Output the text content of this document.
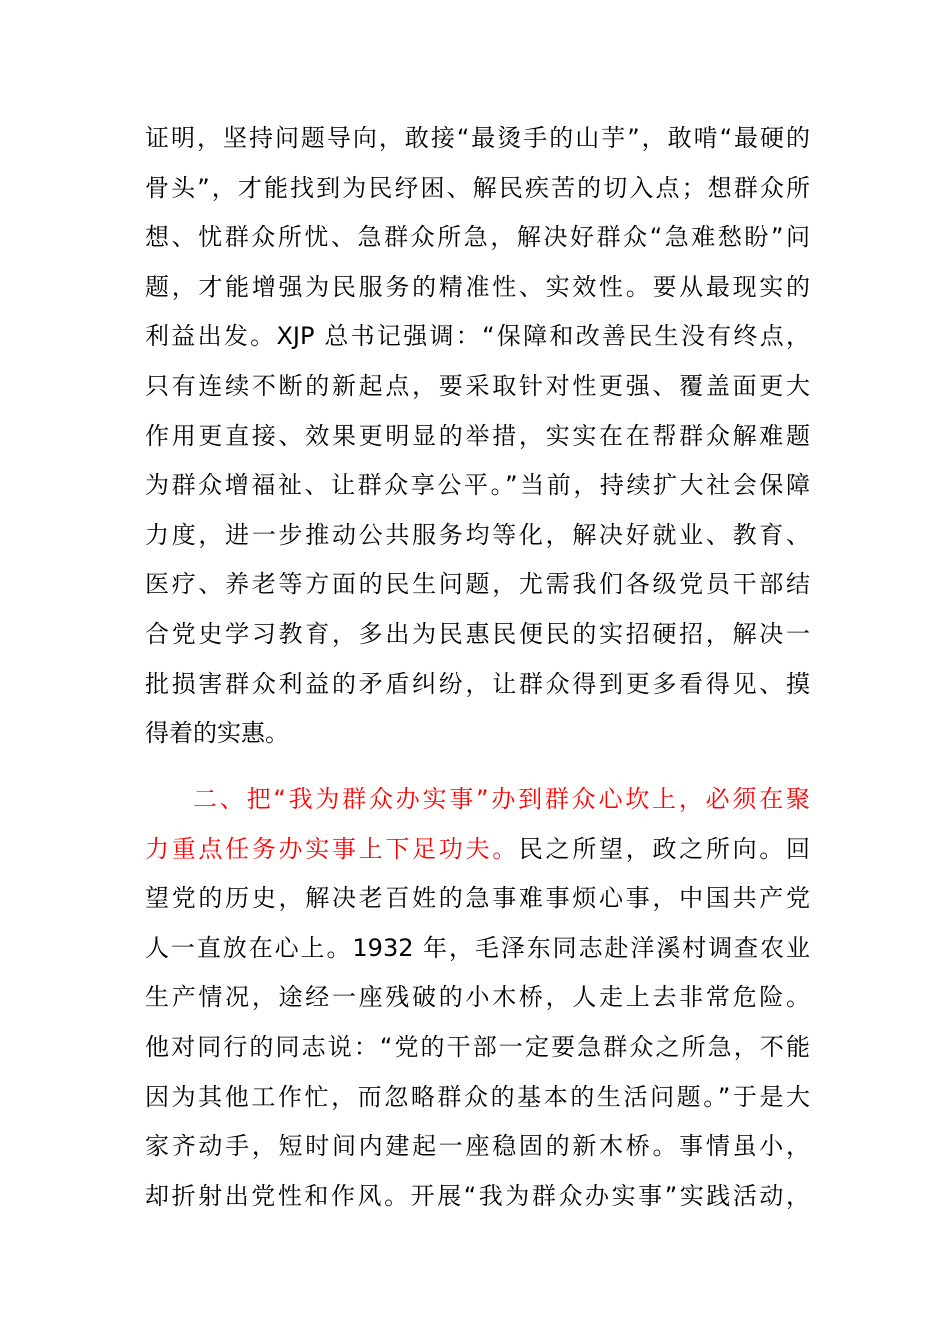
证明，坚持问题导向，敢接“最烫手的山芋”，敢啃“最硬的
骨头”，才能找到为民纾困、解民疾苦的切入点；想群众所
想、忧群众所忧、急群众所急，解决好群众“急难愁盼”问
题，才能增强为民服务的精准性、实效性。要从最现实的
利益出发。XJP 总书记强调：“保障和改善民生没有终点，
只有连续不断的新起点，要采取针对性更强、覆盖面更大
作用更直接、效果更明显的举措，实实在在帮群众解难题
为群众增福祉、让群众享公平。”当前，持续扩大社会保障
力度，进一步推动公共服务均等化，解决好就业、教育、
医疗、养老等方面的民生问题，尤需我们各级党员干部结
合党史学习教育，多出为民惠民便民的实招硬招，解决一
批损害群众利益的矛盾纠纷，让群众得到更多看得见、摸
得着的实惠。
二、把“我为群众办实事”办到群众心坎上，必须在聚
力重点任务办实事上下足功夫。民之所望，政之所向。回
望党的历史，解决老百姓的急事难事烦心事，中国共产党
人一直放在心上。1932 年，毛泽东同志赴洋溪村调查农业
生产情况，途经一座残破的小木桥，人走上去非常危险。
他对同行的同志说：“党的干部一定要急群众之所急，不能
因为其他工作忙，而忽略群众的基本的生活问题。”于是大
家齐动手，短时间内建起一座稳固的新木桥。事情虽小，
却折射出党性和作风。开展“我为群众办实事”实践活动，
